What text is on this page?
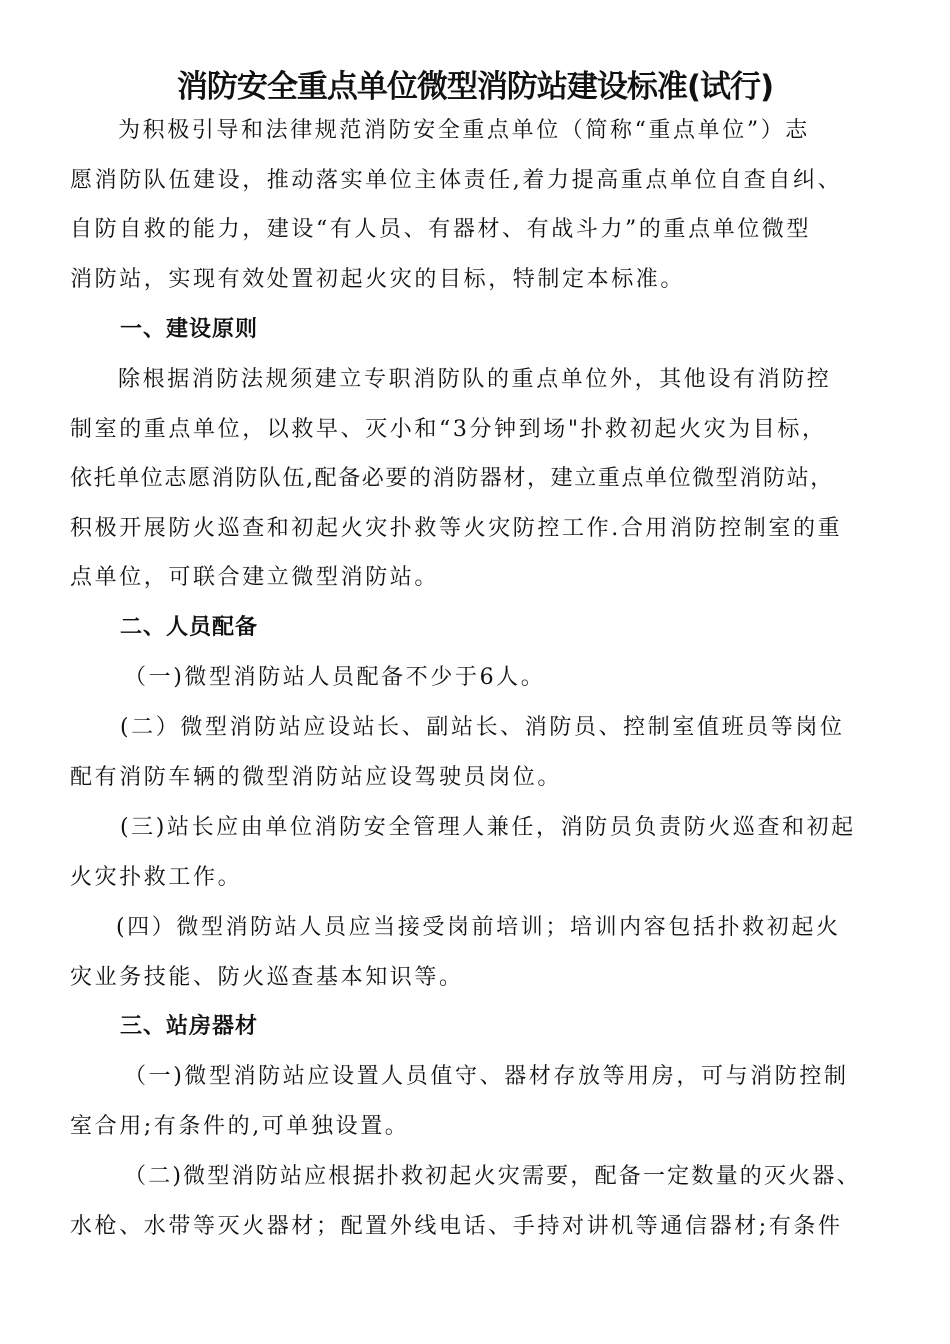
消防安全重点单位微型消防站建设标准(试行)
为积极引导和法律规范消防安全重点单位（简称“重点单位”）志
愿消防队伍建设，推动落实单位主体责任,着力提高重点单位自查自纠、
自防自救的能力，建设“有人员、有器材、有战斗力”的重点单位微型
消防站，实现有效处置初起火灾的目标，特制定本标准。
一、建设原则
除根据消防法规须建立专职消防队的重点单位外，其他设有消防控
制室的重点单位，以救早、灭小和“3分钟到场"扑救初起火灾为目标，
依托单位志愿消防队伍,配备必要的消防器材，建立重点单位微型消防站，
积极开展防火巡查和初起火灾扑救等火灾防控工作.合用消防控制室的重
点单位，可联合建立微型消防站。
二、人员配备
（一)微型消防站人员配备不少于6人。
(二）微型消防站应设站长、副站长、消防员、控制室值班员等岗位
配有消防车辆的微型消防站应设驾驶员岗位。
(三)站长应由单位消防安全管理人兼任，消防员负责防火巡查和初起
火灾扑救工作。
(四）微型消防站人员应当接受岗前培训；培训内容包括扑救初起火
灾业务技能、防火巡查基本知识等。
三、站房器材
（一)微型消防站应设置人员值守、器材存放等用房，可与消防控制
室合用;有条件的,可单独设置。
（二)微型消防站应根据扑救初起火灾需要，配备一定数量的灭火器、
水枪、水带等灭火器材；配置外线电话、手持对讲机等通信器材;有条件
